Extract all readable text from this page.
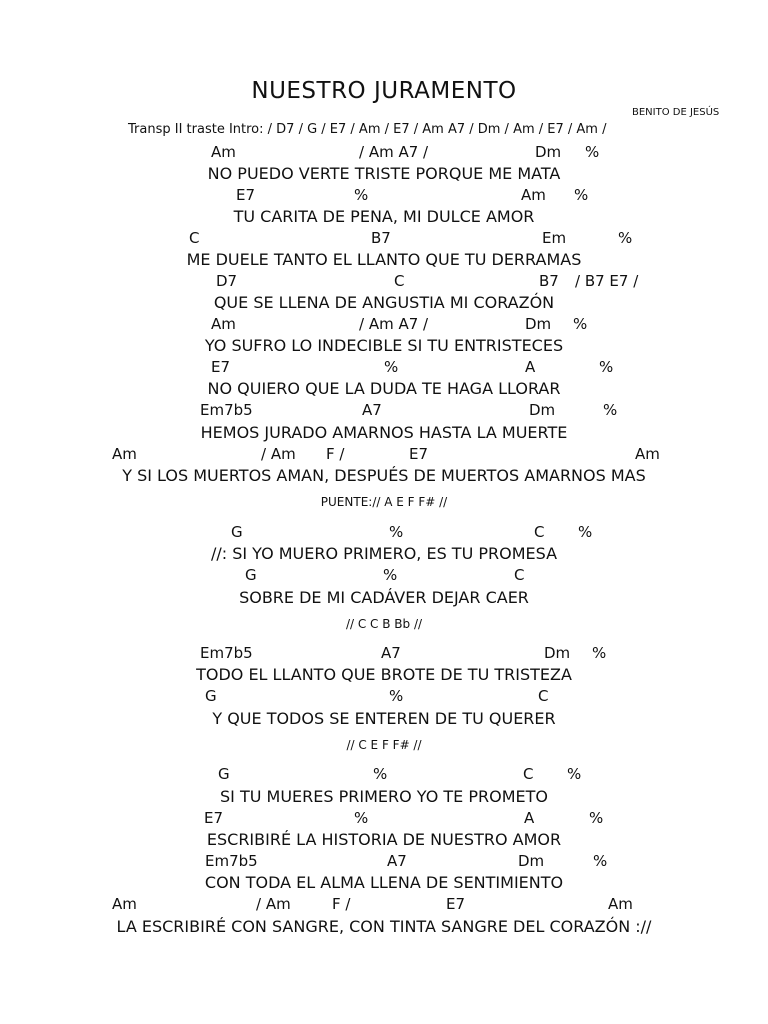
NUESTRO JURAMENTO
BENITO DE JESÚS
Transp II traste Intro: / D7 / G / E7 / Am / E7 / Am A7 / Dm / Am / E7 / Am /
Am	/ Am A7 /	Dm %
NO PUEDO VERTE TRISTE PORQUE ME MATA
E7	%	Am %
TU CARITA DE PENA, MI DULCE AMOR
C	B7	Em	%
ME DUELE TANTO EL LLANTO QUE TU DERRAMAS
D7	C	B7 / B7 E7 /
QUE SE LLENA DE ANGUSTIA MI CORAZÓN
Am	/ Am A7 /	Dm %
YO SUFRO LO INDECIBLE SI TU ENTRISTECES
E7	%	A	%
NO QUIERO QUE LA DUDA TE HAGA LLORAR
Em7b5	A7	Dm	%
HEMOS JURADO AMARNOS HASTA LA MUERTE
Am	/ Am F /	E7	Am
Y SI LOS MUERTOS AMAN, DESPUÉS DE MUERTOS AMARNOS MAS
PUENTE:// A E F F# //
G	%	C %
//: SI YO MUERO PRIMERO, ES TU PROMESA
G	%	C
SOBRE DE MI CADÁVER DEJAR CAER
// C C B Bb //
Em7b5	A7	Dm %
TODO EL LLANTO QUE BROTE DE TU TRISTEZA
G	%	C
Y QUE TODOS SE ENTEREN DE TU QUERER
// C E F F# //
G	%	C %
SI TU MUERES PRIMERO YO TE PROMETO
E7	%	A	%
ESCRIBIRÉ LA HISTORIA DE NUESTRO AMOR
Em7b5	A7	Dm	%
CON TODA EL ALMA LLENA DE SENTIMIENTO
Am	/ Am	F /	E7	Am
LA ESCRIBIRÉ CON SANGRE, CON TINTA SANGRE DEL CORAZÓN ://
